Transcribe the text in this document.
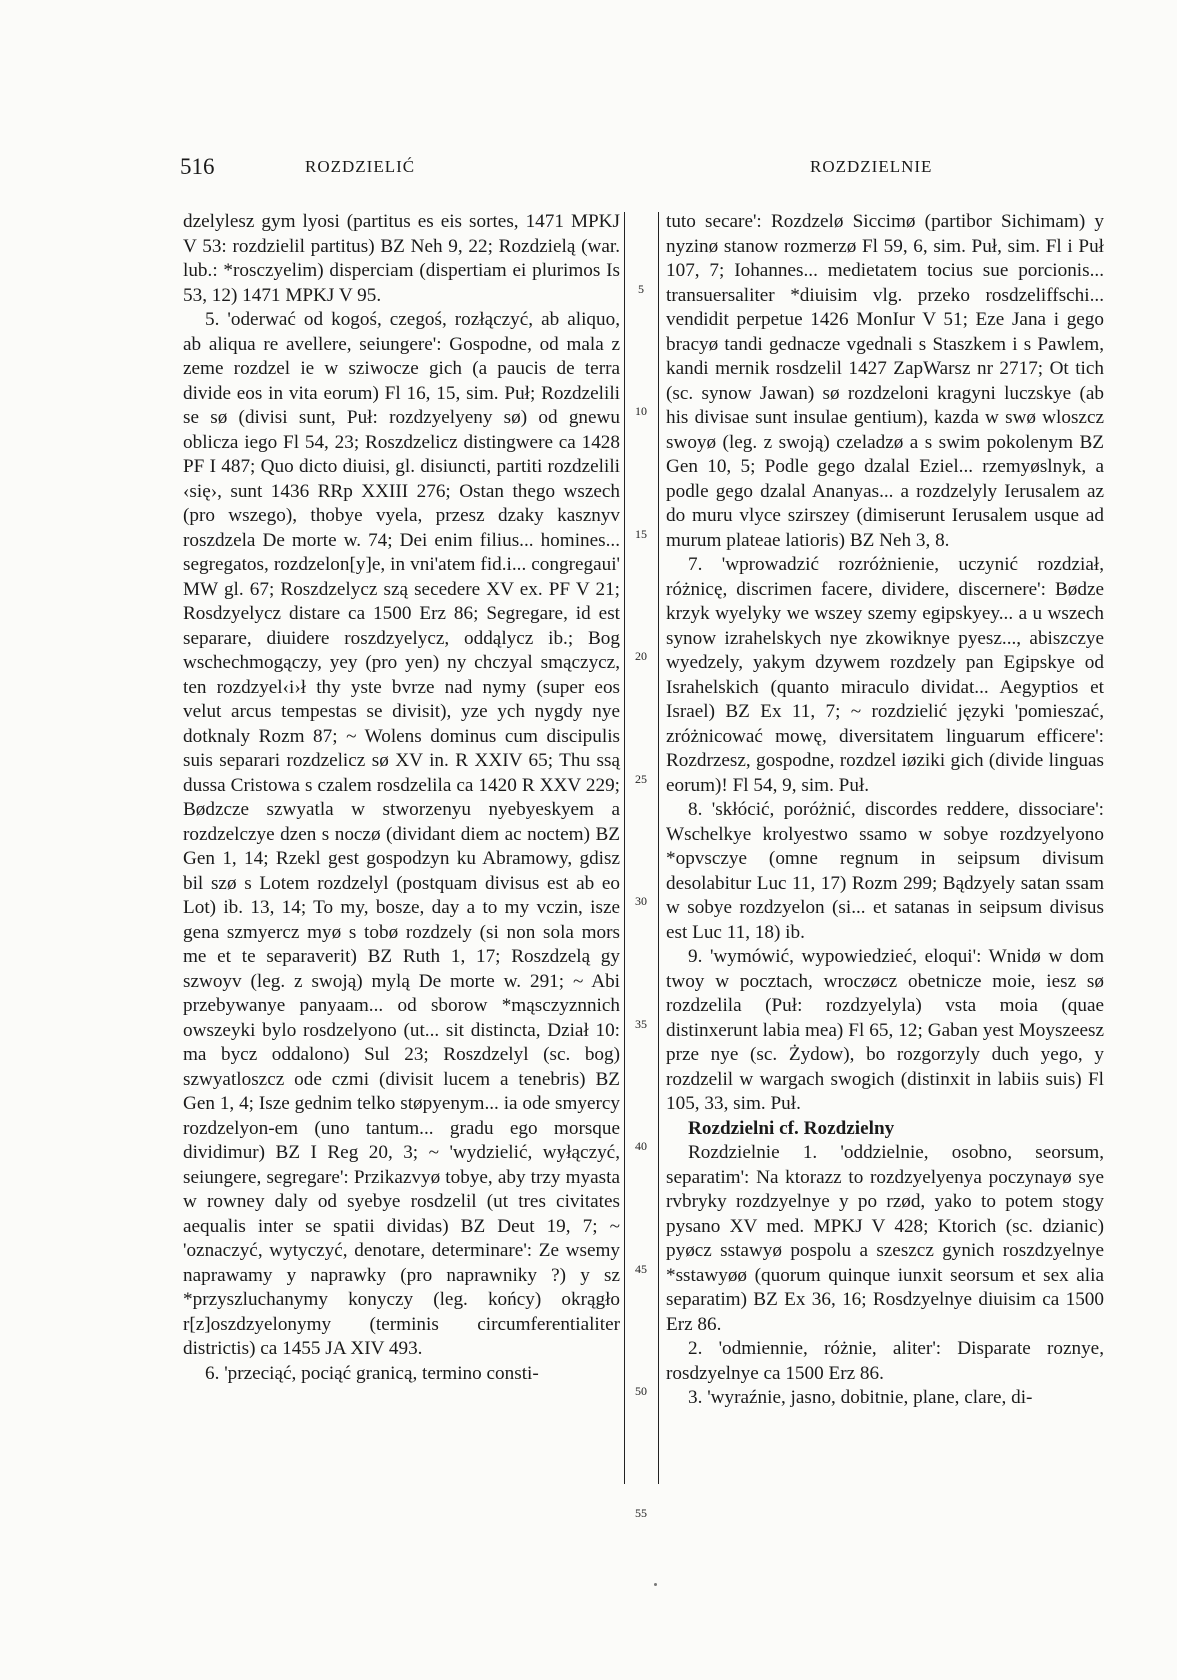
516	ROZDZIELIĆ	ROZDZIELNIE

dzelylesz gym lyosi (partitus es eis sortes, 1471 MPKJ V 53: rozdzielil partitus) BZ Neh 9, 22; Rozdzielą (war. lub.: *rosczyelim) disperciam (dispertiam ei plurimos Is 53, 12) 1471 MPKJ V 95.

5. 'oderwać od kogoś, czegoś, rozłączyć, ab aliquo, ab aliqua re avellere, seiungere': Gospodne, od mala z zeme rozdzel ie w sziwocze gich (a paucis de terra divide eos in vita eorum) Fl 16, 15, sim. Puł; Rozdzelili se sø (divisi sunt, Puł: rozdzyelyeny sø) od gnewu oblicza iego Fl 54, 23; Roszdzelicz distingwere ca 1428 PF I 487; Quo dicto diuisi, gl. disiuncti, partiti rozdzelili ‹się›, sunt 1436 RRp XXIII 276; Ostan thego wszech (pro wszego), thobye vyela, przesz dzaky kasznyv roszdzela De morte w. 74; Dei enim filius... homines... segregatos, rozdzelon[y]e, in vni'atem fid.i... congregaui' MW gl. 67; Roszdzelycz szą secedere XV ex. PF V 21; Rosdzyelycz distare ca 1500 Erz 86; Segregare, id est separare, diuidere roszdzyelycz, oddąlycz ib.; Bog wschechmogączy, yey (pro yen) ny chczyal smączycz, ten rozdzyel‹i›ł thy yste bvrze nad nymy (super eos velut arcus tempestas se divisit), yze ych nygdy nye dotknaly Rozm 87; ~ Wolens dominus cum discipulis suis separari rozdzelicz sø XV in. R XXIV 65; Thu ssą dussa Cristowa s czalem rosdzelila ca 1420 R XXV 229; Bødzcze szwyatla w stworzenyu nyebyeskyem a rozdzelczye dzen s noczø (dividant diem ac noctem) BZ Gen 1, 14; Rzekl gest gospodzyn ku Abramowy, gdisz bil szø s Lotem rozdzelyl (postquam divisus est ab eo Lot) ib. 13, 14; To my, bosze, day a to my vczin, isze gena szmyercz myø s tobø rozdzely (si non sola mors me et te separaverit) BZ Ruth 1, 17; Roszdzelą gy szwoyv (leg. z swoją) mylą De morte w. 291; ~ Abi przebywanye panyaam... od sborow *mąsczyznnich owszeyki bylo rosdzelyono (ut... sit distincta, Dział 10: ma bycz oddalono) Sul 23; Roszdzelyl (sc. bog) szwyatloszcz ode czmi (divisit lucem a tenebris) BZ Gen 1, 4; Isze gednim telko støpyenym... ia ode smyercy rozdzelyon-em (uno tantum... gradu ego morsque dividimur) BZ I Reg 20, 3; ~ 'wydzielić, wyłączyć, seiungere, segregare': Przikazvyø tobye, aby trzy myasta w rowney daly od syebye rosdzelil (ut tres civitates aequalis inter se spatii dividas) BZ Deut 19, 7; ~ 'oznaczyć, wytyczyć, denotare, determinare': Ze wsemy naprawamy y naprawky (pro naprawniky ?) y sz *przyszluchanymy konyczy (leg. końcy) okrągło r[z]oszdzyelonymy (terminis circumferentialiter districtis) ca 1455 JA XIV 493.

6. 'przeciąć, pociąć granicą, termino consti-

5
10
15
20
25
30
35
40
45
50
55

tuto secare': Rozdzelø Siccimø (partibor Sichimam) y nyzinø stanow rozmerzø Fl 59, 6, sim. Puł, sim. Fl i Puł 107, 7; Iohannes... medietatem tocius sue porcionis... transuersaliter *diuisim vlg. przeko rosdzeliffschi... vendidit perpetue 1426 MonIur V 51; Eze Jana i gego bracyø tandi gednacze vgednali s Staszkem i s Pawlem, kandi mernik rosdzelil 1427 ZapWarsz nr 2717; Ot tich (sc. synow Jawan) sø rozdzeloni kragyni luczskye (ab his divisae sunt insulae gentium), kazda w swø wloszcz swoyø (leg. z swoją) czeladzø a s swim pokolenym BZ Gen 10, 5; Podle gego dzalal Eziel... rzemyøslnyk, a podle gego dzalal Ananyas... a rozdzelyly Ierusalem az do muru vlyce szirszey (dimiserunt Ierusalem usque ad murum plateae latioris) BZ Neh 3, 8.

7. 'wprowadzić rozróżnienie, uczynić rozdział, różnicę, discrimen facere, dividere, discernere': Bødze krzyk wyelyky we wszey szemy egipskyey... a u wszech synow izrahelskych nye zkowiknye pyesz..., abiszczye wyedzely, yakym dzywem rozdzely pan Egipskye od Israhelskich (quanto miraculo dividat... Aegyptios et Israel) BZ Ex 11, 7; ~ rozdzielić języki 'pomieszać, zróżnicować mowę, diversitatem linguarum efficere': Rozdrzesz, gospodne, rozdzel iøziki gich (divide linguas eorum)! Fl 54, 9, sim. Puł.

8. 'skłócić, poróżnić, discordes reddere, dissociare': Wschelkye krolyestwo ssamo w sobye rozdzyelyono *opvsczye (omne regnum in seipsum divisum desolabitur Luc 11, 17) Rozm 299; Bądzyely satan ssam w sobye rozdzyelon (si... et satanas in seipsum divisus est Luc 11, 18) ib.

9. 'wymówić, wypowiedzieć, eloqui': Wnidø w dom twoy w pocztach, wroczøcz obetnicze moie, iesz sø rozdzelila (Puł: rozdzyelyla) vsta moia (quae distinxerunt labia mea) Fl 65, 12; Gaban yest Moyszeesz prze nye (sc. Żydow), bo rozgorzyly duch yego, y rozdzelil w wargach swogich (distinxit in labiis suis) Fl 105, 33, sim. Puł.

Rozdzielni cf. Rozdzielny

Rozdzielnie 1. 'oddzielnie, osobno, seorsum, separatim': Na ktorazz to rozdzyelyenya poczynayø sye rvbryky rozdzyelnye y po rzød, yako to potem stogy pysano XV med. MPKJ V 428; Ktorich (sc. dzianic) pyøcz sstawyø pospolu a szeszcz gynich roszdzyelnye *sstawyøø (quorum quinque iunxit seorsum et sex alia separatim) BZ Ex 36, 16; Rosdzyelnye diuisim ca 1500 Erz 86.

2. 'odmiennie, różnie, aliter': Disparate roznye, rosdzyelnye ca 1500 Erz 86.

3. 'wyraźnie, jasno, dobitnie, plane, clare, di-
